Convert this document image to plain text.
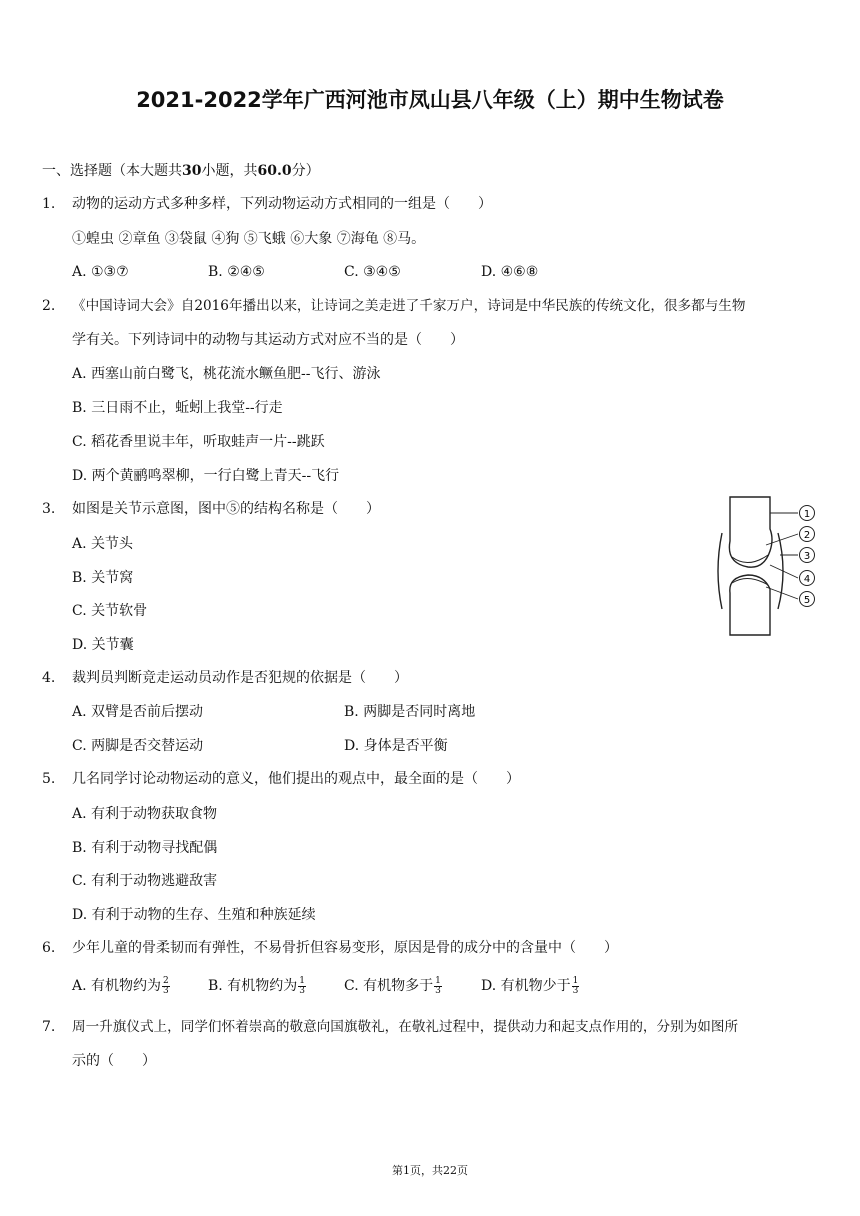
2021-2022学年广西河池市凤山县八年级（上）期中生物试卷
一、选择题（本大题共30小题，共60.0分）
1. 动物的运动方式多种多样，下列动物运动方式相同的一组是（　　）
①蝗虫 ②章鱼 ③袋鼠 ④狗 ⑤飞蛾 ⑥大象 ⑦海龟 ⑧马。
A. ①③⑦	B. ②④⑤	C. ③④⑤	D. ④⑥⑧
2. 《中国诗词大会》自2016年播出以来，让诗词之美走进了千家万户，诗词是中华民族的传统文化，很多都与生物
学有关。下列诗词中的动物与其运动方式对应不当的是（　　）
A. 西塞山前白鹭飞，桃花流水鳜鱼肥--飞行、游泳
B. 三日雨不止，蚯蚓上我堂--行走
C. 稻花香里说丰年，听取蛙声一片--跳跃
D. 两个黄鹂鸣翠柳，一行白鹭上青天--飞行
3. 如图是关节示意图，图中⑤的结构名称是（　　）
A. 关节头
B. 关节窝
C. 关节软骨
D. 关节囊
1
2
3
4
5
4. 裁判员判断竞走运动员动作是否犯规的依据是（　　）
A. 双臂是否前后摆动	B. 两脚是否同时离地
C. 两脚是否交替运动	D. 身体是否平衡
5. 几名同学讨论动物运动的意义，他们提出的观点中，最全面的是（　　）
A. 有利于动物获取食物
B. 有利于动物寻找配偶
C. 有利于动物逃避敌害
D. 有利于动物的生存、生殖和种族延续
6. 少年儿童的骨柔韧而有弹性，不易骨折但容易变形，原因是骨的成分中的含量中（　　）
A. 有机物约为 $\frac{2}{3}$	B. 有机物约为 $\frac{1}{3}$	C. 有机物多于 $\frac{1}{3}$	D. 有机物少于 $\frac{1}{3}$
7. 周一升旗仪式上，同学们怀着崇高的敬意向国旗敬礼，在敬礼过程中，提供动力和起支点作用的，分别为如图所
示的（　　）
第1页，共22页
